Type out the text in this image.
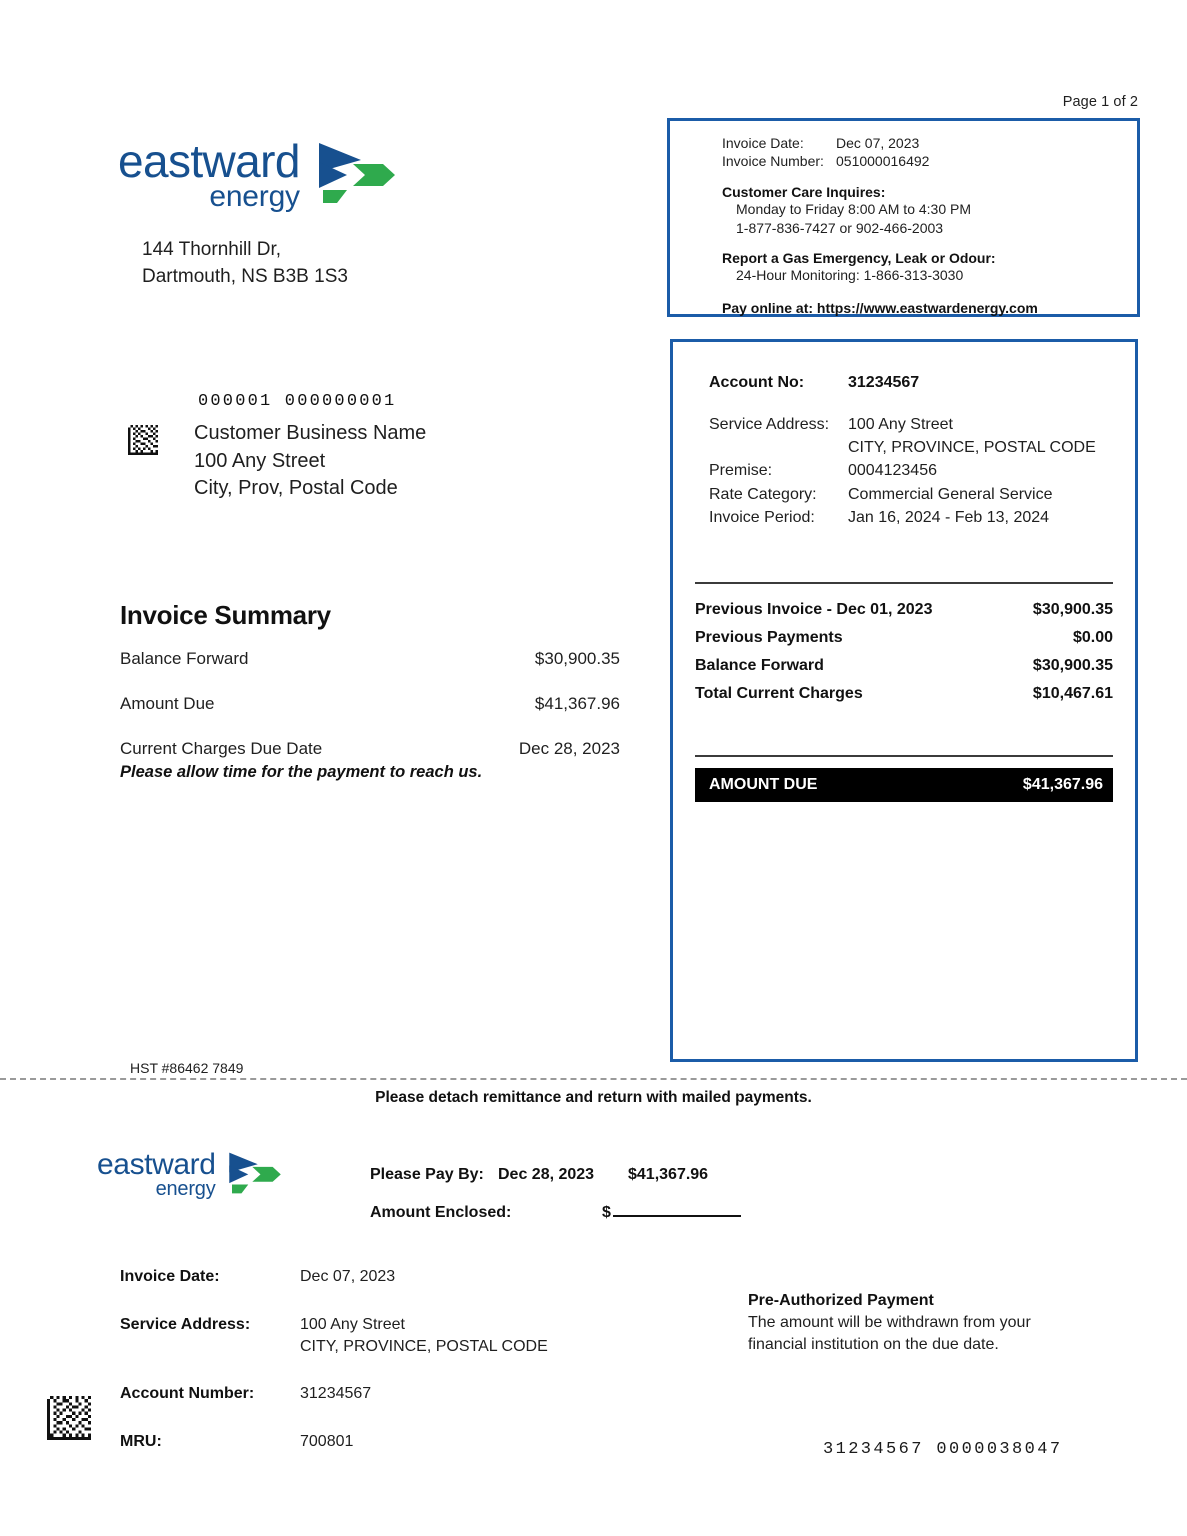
Page 1 of 2
eastward
energy
144 Thornhill Dr,
Dartmouth, NS B3B 1S3
000001 000000001
Customer Business Name
100 Any Street
City, Prov, Postal Code
Invoice Summary
Balance Forward	$30,900.35
Amount Due	$41,367.96
Current Charges Due Date	Dec 28, 2023
Please allow time for the payment to reach us.
HST #86462 7849
Invoice Date:	Dec 07, 2023
Invoice Number: 051000016492
Customer Care Inquires:
Monday to Friday 8:00 AM to 4:30 PM
1-877-836-7427 or 902-466-2003
Report a Gas Emergency, Leak or Odour:
24-Hour Monitoring: 1-866-313-3030
Pay online at: https://www.eastwardenergy.com
Account No:	31234567
Service Address:	100 Any Street
CITY, PROVINCE, POSTAL CODE
Premise:	0004123456
Rate Category:	Commercial General Service
Invoice Period:	Jan 16, 2024 - Feb 13, 2024
Previous Invoice - Dec 01, 2023	$30,900.35
Previous Payments	$0.00
Balance Forward	$30,900.35
Total Current Charges	$10,467.61
AMOUNT DUE	$41,367.96
Please detach remittance and return with mailed payments.
eastward
energy
Please Pay By: Dec 28, 2023	$41,367.96
Amount Enclosed:	$
Invoice Date:	Dec 07, 2023
Service Address:	100 Any Street
CITY, PROVINCE, POSTAL CODE
Account Number:	31234567
MRU:	700801
Pre-Authorized Payment
The amount will be withdrawn from your
financial institution on the due date.
31234567 0000038047
